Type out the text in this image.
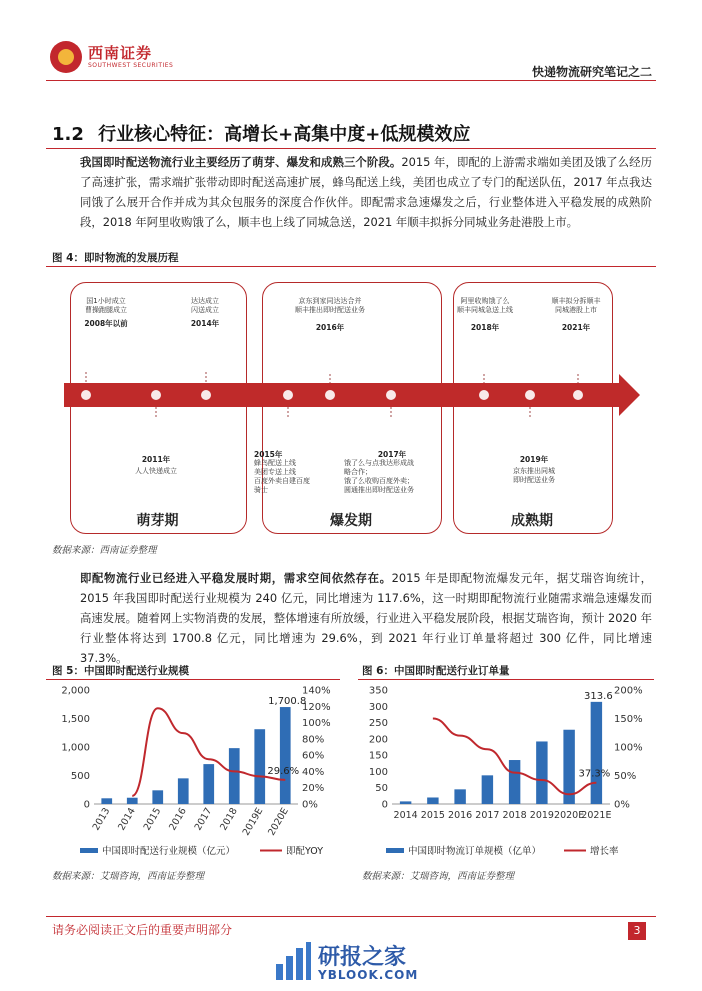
西南证券
SOUTHWEST SECURITIES	快递物流研究笔记之二
1.2 行业核心特征：高增长+高集中度+低规模效应
我国即时配送物流行业主要经历了萌芽、爆发和成熟三个阶段。2015 年，即配的上游需求端如美团及饿了么经历了高速扩张，需求端扩张带动即时配送高速扩展，蜂鸟配送上线，美团也成立了专门的配送队伍，2017 年点我达同饿了么展开合作并成为其众包服务的深度合作伙伴。即配需求急速爆发之后，行业整体进入平稳发展的成熟阶段，2018 年阿里收购饿了么，顺丰也上线了同城急送，2021 年顺丰拟拆分同城业务赴港股上市。
图 4：即时物流的发展历程
国1小时成立
曹操跑腿成立
2008年以前
达达成立
闪送成立
2014年
京东到家同达达合并
顺丰推出即时配送业务
2016年
阿里收购饿了么
顺丰同城急送上线
2018年
顺丰拟分拆顺丰
同城港股上市
2021年
2011年
人人快递成立
2015年
蜂鸟配送上线
美团专送上线
百度外卖自建百度
骑士
2017年
饿了么与点我达形成战
略合作；
饿了么收购百度外卖；
圆通推出即时配送业务
2019年
京东推出同城
即时配送业务
萌芽期	爆发期	成熟期
数据来源：西南证券整理
即配物流行业已经进入平稳发展时期，需求空间依然存在。2015 年是即配物流爆发元年，据艾瑞咨询统计，2015 年我国即时配送行业规模为 240 亿元，同比增速为 117.6%，这一时期即配物流行业随需求端急速爆发而高速发展。随着网上实物消费的发展，整体增速有所放缓，行业进入平稳发展阶段，根据艾瑞咨询，预计 2020 年行业整体将达到 1700.8 亿元，同比增速为 29.6%，到 2021 年行业订单量将超过 300 亿件，同比增速 37.3%。
图 5：中国即时配送行业规模
0
500
1,000
1,500
2,000
0%
20%
40%
60%
80%
100%
120%
140%
2013 2014 2015 2016 2017 2018 2019E 2020E
1,700.8
29.6%
中国即时配送行业规模（亿元）	即配YOY
数据来源：艾瑞咨询，西南证券整理
图 6：中国即时配送行业订单量
0
50
100
150
200
250
300
350
0%
50%
100%
150%
200%
2014 2015 2016 2017 2018 2019 2020E
2021E
313.6
37.3%
中国即时物流订单规模（亿单）	增长率
数据来源：艾瑞咨询，西南证券整理
请务必阅读正文后的重要声明部分	3
研报之家
YBLOOK.COM
